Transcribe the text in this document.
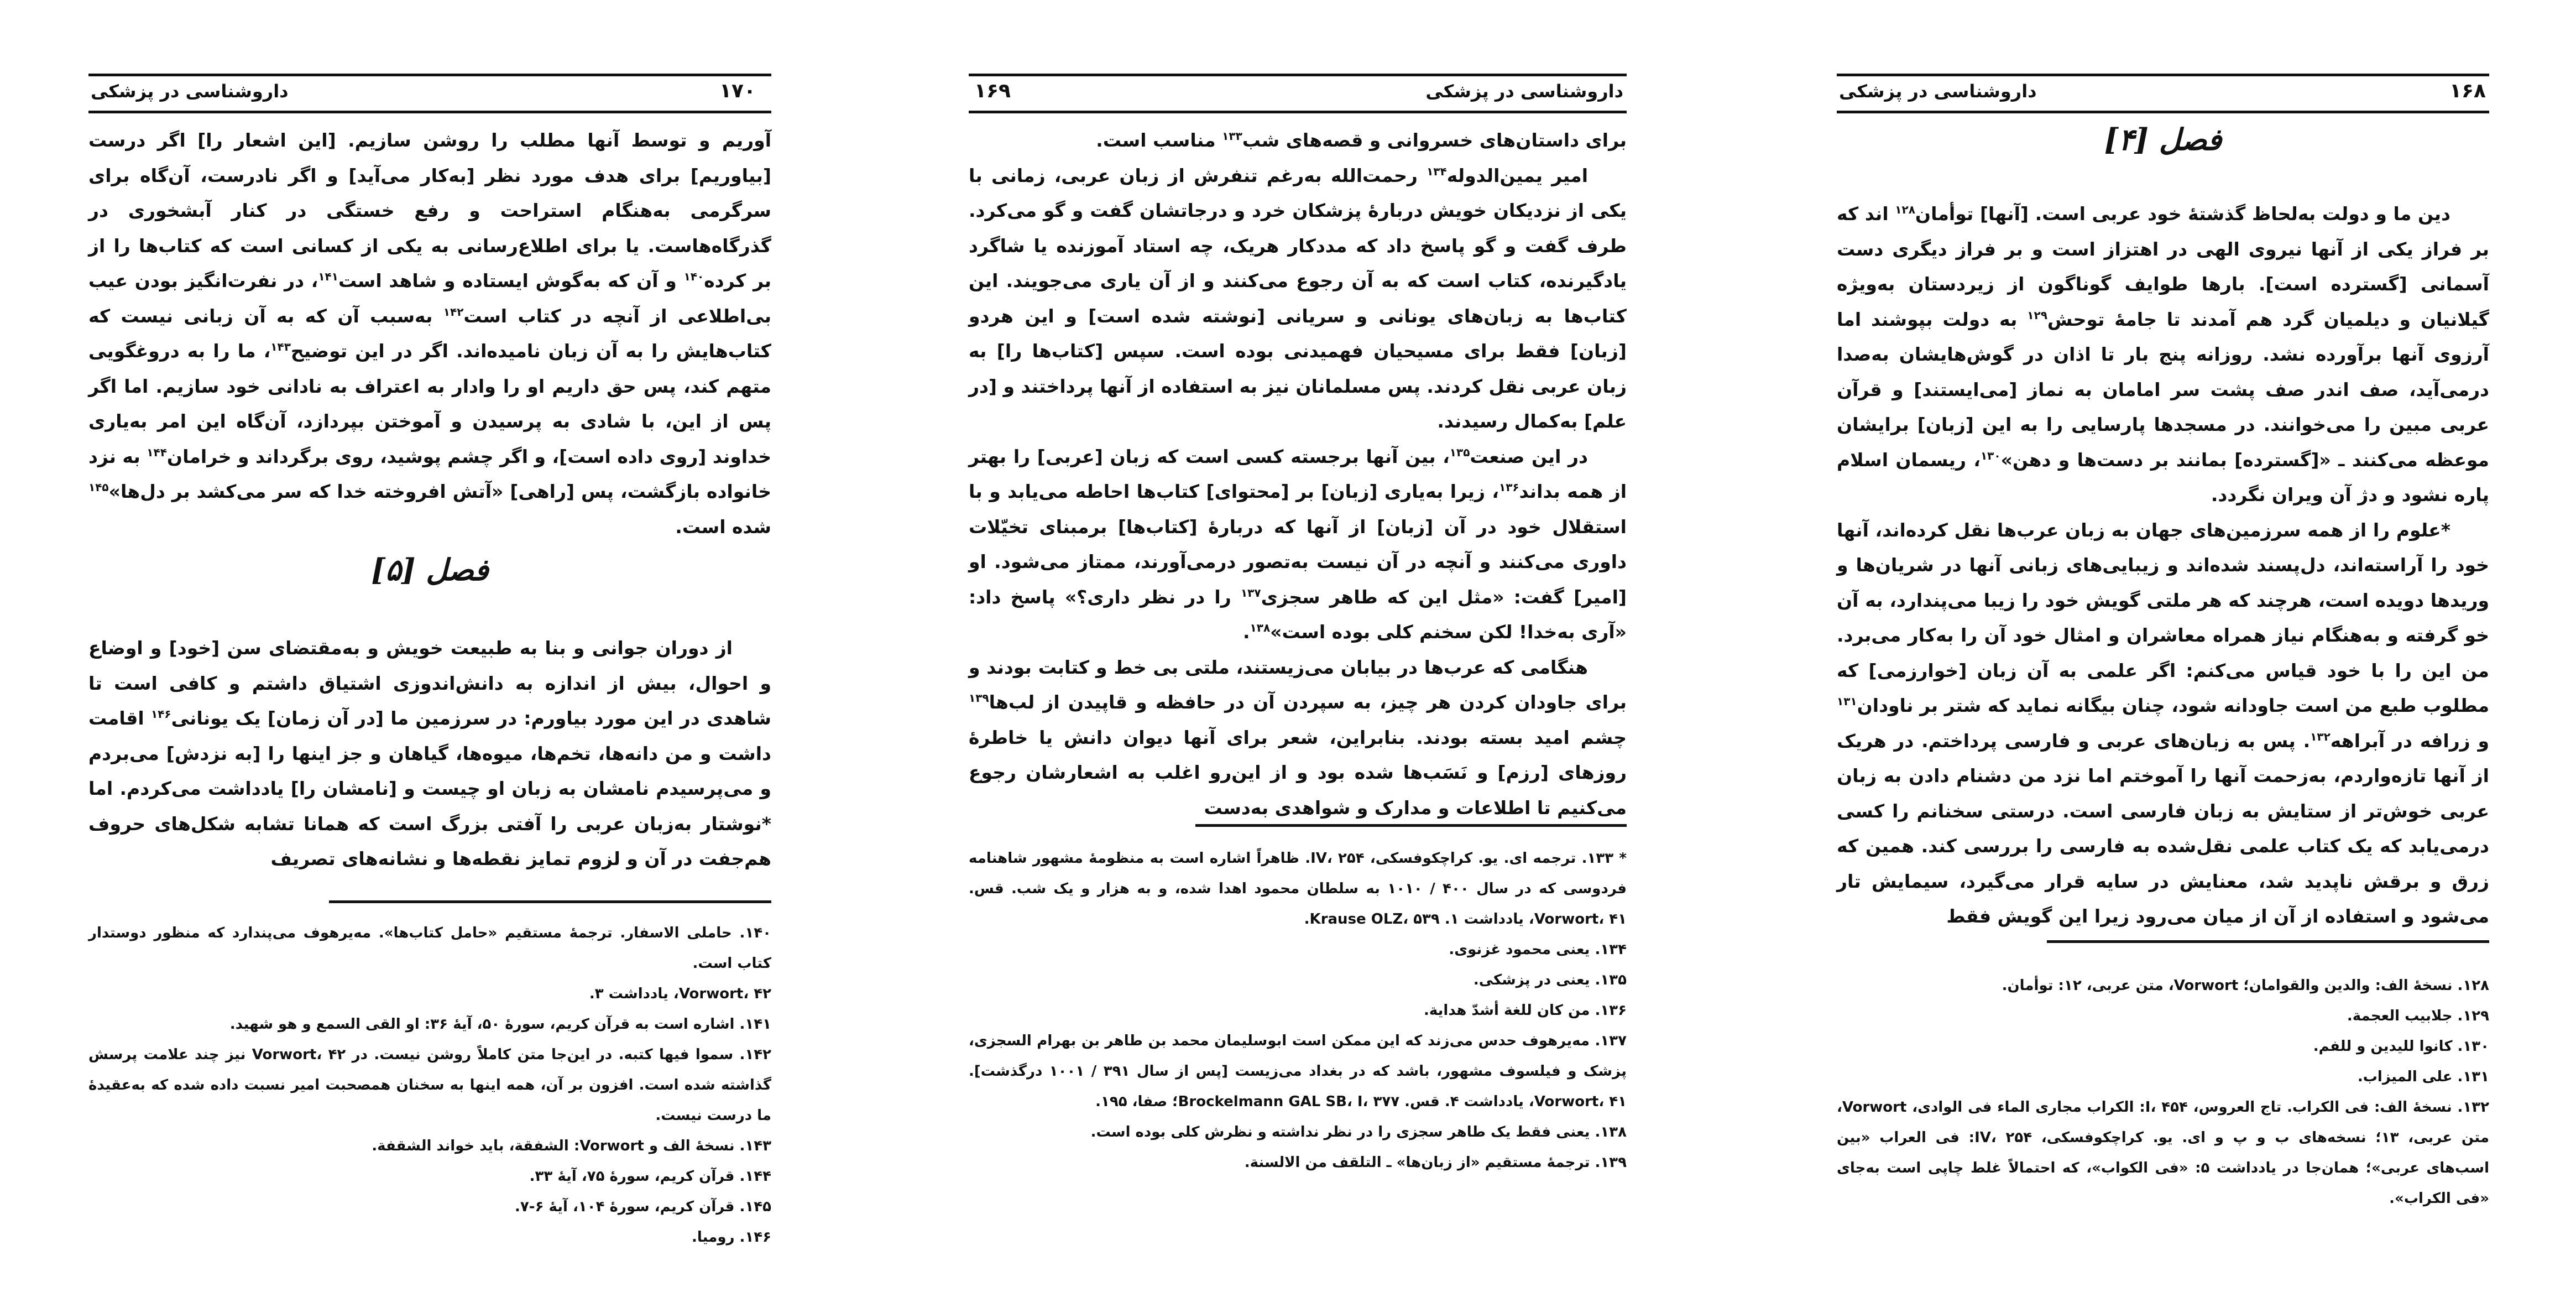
داروشناسی در پزشکی	۱۷۰

آوریم و توسط آنها مطلب را روشن سازیم. [این اشعار را] اگر درست [بیاوریم] برای هدف مورد نظر [به‌کار می‌آید] و اگر نادرست، آن‌گاه برای سرگرمی به‌هنگام استراحت و رفع خستگی در کنار آبشخوری در گذرگاه‌هاست. یا برای اطلاع‌رسانی به یکی از کسانی است که کتاب‌ها را از بر کرده$^{۱۴۰}$ و آن که به‌گوش ایستاده و شاهد است$^{۱۴۱}$، در نفرت‌انگیز بودن عیب بی‌اطلاعی از آنچه در کتاب است$^{۱۴۲}$ به‌سبب آن که به آن زبانی نیست که کتاب‌هایش را به آن زبان نامیده‌اند. اگر در این توضیح$^{۱۴۳}$، ما را به دروغگویی متهم کند، پس حق داریم او را وادار به اعتراف به نادانی خود سازیم. اما اگر پس از این، با شادی به پرسیدن و آموختن بپردازد، آن‌گاه این امر به‌یاری خداوند [روی داده است]، و اگر چشم پوشید، روی برگرداند و خرامان$^{۱۴۴}$ به نزد خانواده بازگشت، پس [راهی] «آتش افروخته خدا که سر می‌کشد بر دل‌ها»$^{۱۴۵}$ شده است.

فصل [۵]

از دوران جوانی و بنا به طبیعت خویش و به‌مقتضای سن [خود] و اوضاع و احوال، بیش از اندازه به دانش‌اندوزی اشتیاق داشتم و کافی است تا شاهدی در این مورد بیاورم: در سرزمین ما [در آن زمان] یک یونانی$^{۱۴۶}$ اقامت داشت و من دانه‌ها، تخم‌ها، میوه‌ها، گیاهان و جز اینها را [به نزدش] می‌بردم و می‌پرسیدم نامشان به زبان او چیست و [نامشان را] یادداشت می‌کردم. اما *نوشتار به‌زبان عربی را آفتی بزرگ است که همانا تشابه شکل‌های حروف هم‌جفت در آن و لزوم تمایز نقطه‌ها و نشانه‌های تصریف

۱۴۰. حاملی الاسفار. ترجمهٔ مستقیم «حامل کتاب‌ها». مه‌یرهوف می‌پندارد که منظور دوستدار کتاب است.

Vorwort، ۴۲، یادداشت ۳.

۱۴۱. اشاره است به قرآن کریم، سورهٔ ۵۰، آیهٔ ۳۶: او القی السمع و هو شهید.

۱۴۲. سموا فیها کتبه. در این‌جا متن کاملاً روشن نیست. در Vorwort، ۴۲ نیز چند علامت پرسش گذاشته شده است. افزون بر آن، همه اینها به سخنان همصحبت امیر نسبت داده شده که به‌عقیدهٔ ما درست نیست.

۱۴۳. نسخهٔ الف و Vorwort: الشفقة، باید خواند الشقفة.

۱۴۴. قرآن کریم، سورهٔ ۷۵، آیهٔ ۳۳.

۱۴۵. قرآن کریم، سورهٔ ۱۰۴، آیهٔ ۶-۷.

۱۴۶. رومیا.

داروشناسی در پزشکی
۱۶۹

برای داستان‌های خسروانی و قصه‌های شب$^{۱۳۳}$ مناسب است.

امیر یمین‌الدوله$^{۱۳۴}$ رحمت‌الله به‌رغم تنفرش از زبان عربی، زمانی با یکی از نزدیکان خویش دربارهٔ پزشکان خرد و درجاتشان گفت و گو می‌کرد. طرف گفت و گو پاسخ داد که مددکار هریک، چه استاد آموزنده یا شاگرد یادگیرنده، کتاب است که به آن رجوع می‌کنند و از آن یاری می‌جویند. این کتاب‌ها به زبان‌های یونانی و سریانی [نوشته شده است] و این هردو [زبان] فقط برای مسیحیان فهمیدنی بوده است. سپس [کتاب‌ها را] به زبان عربی نقل کردند. پس مسلمانان نیز به استفاده از آنها پرداختند و [در علم] به‌کمال رسیدند.

در این صنعت$^{۱۳۵}$، بین آنها برجسته کسی است که زبان [عربی] را بهتر از همه بداند$^{۱۳۶}$، زیرا به‌یاری [زبان] بر [محتوای] کتاب‌ها احاطه می‌یابد و با استقلال خود در آن [زبان] از آنها که دربارهٔ [کتاب‌ها] برمبنای تخیّلات داوری می‌کنند و آنچه در آن نیست به‌تصور درمی‌آورند، ممتاز می‌شود. او [امیر] گفت: «مثل این که طاهر سجزی$^{۱۳۷}$ را در نظر داری؟» پاسخ داد: «آری به‌خدا! لکن سخنم کلی بوده است»$^{۱۳۸}$.

هنگامی که عرب‌ها در بیابان می‌زیستند، ملتی بی خط و کتابت بودند و برای جاودان کردن هر چیز، به سپردن آن در حافظه و قاپیدن از لب‌ها$^{۱۳۹}$ چشم امید بسته بودند. بنابراین، شعر برای آنها دیوان دانش یا خاطرهٔ روزهای [رزم] و نَسَب‌ها شده بود و از این‌رو اغلب به اشعارشان رجوع می‌کنیم تا اطلاعات و مدارک و شواهدی به‌دست

* ۱۳۳. ترجمه ای. یو. کراچکوفسکی، IV، ۲۵۴. ظاهراً اشاره است به منظومهٔ مشهور شاهنامه فردوسی که در سال ۴۰۰ / ۱۰۱۰ به سلطان محمود اهدا شده، و به هزار و یک شب. قس. Vorwort، ۴۱، یادداشت ۱. Krause OLZ، ۵۳۹.

۱۳۴. یعنی محمود غزنوی.

۱۳۵. یعنی در پزشکی.

۱۳۶. من کان للغة أشدّ هدایة.

۱۳۷. مه‌یرهوف حدس می‌زند که این ممکن است ابوسلیمان محمد بن طاهر بن بهرام السجزی، پزشک و فیلسوف مشهور، باشد که در بغداد می‌زیست [پس از سال ۳۹۱ / ۱۰۰۱ درگذشت]. Vorwort، ۴۱، یادداشت ۴. قس. Brockelmann GAL SB، I، ۳۷۷؛ صفا، ۱۹۵.

۱۳۸. یعنی فقط یک طاهر سجزی را در نظر نداشته و نظرش کلی بوده است.

۱۳۹. ترجمهٔ مستقیم «از زبان‌ها» ـ التلقف من الالسنة.

داروشناسی در پزشکی	۱۶۸
فصل [۴]

دین ما و دولت به‌لحاظ گذشتهٔ خود عربی است. [آنها] توأمان$^{۱۲۸}$ اند که بر فراز یکی از آنها نیروی الهی در اهتزاز است و بر فراز دیگری دست آسمانی [گسترده است]. بارها طوایف گوناگون از زیردستان به‌ویژه گیلانیان و دیلمیان گرد هم آمدند تا جامهٔ توحش$^{۱۲۹}$ به دولت بپوشند اما آرزوی آنها برآورده نشد. روزانه پنج بار تا اذان در گوش‌هایشان به‌صدا درمی‌آید، صف اندر صف پشت سر امامان به نماز [می‌ایستند] و قرآن عربی مبین را می‌خوانند. در مسجدها پارسایی را به این [زبان] برایشان موعظه می‌کنند ـ «[گسترده] بمانند بر دست‌ها و دهن»$^{۱۳۰}$، ریسمان اسلام پاره نشود و دژ آن ویران نگردد.

*علوم را از همه سرزمین‌های جهان به زبان عرب‌ها نقل کرده‌اند، آنها خود را آراسته‌اند، دل‌پسند شده‌اند و زیبایی‌های زبانی آنها در شریان‌ها و وریدها دویده است، هرچند که هر ملتی گویش خود را زیبا می‌پندارد، به آن خو گرفته و به‌هنگام نیاز همراه معاشران و امثال خود آن را به‌کار می‌برد. من این را با خود قیاس می‌کنم: اگر علمی به آن زبان [خوارزمی] که مطلوب طبع من است جاودانه شود، چنان بیگانه نماید که شتر بر ناودان$^{۱۳۱}$ و زرافه در آبراهه$^{۱۳۲}$. پس به زبان‌های عربی و فارسی پرداختم. در هریک از آنها تازه‌واردم، به‌زحمت آنها را آموختم اما نزد من دشنام دادن به زبان عربی خوش‌تر از ستایش به زبان فارسی است. درستی سخنانم را کسی درمی‌یابد که یک کتاب علمی نقل‌شده به فارسی را بررسی کند. همین که زرق و برقش ناپدید شد، معنایش در سایه قرار می‌گیرد، سیمایش تار می‌شود و استفاده از آن از میان می‌رود زیرا این گویش فقط

۱۲۸. نسخهٔ الف: والدین والقوامان؛ Vorwort، متن عربی، ۱۲: توأمان.

۱۲۹. جلابیب العجمة.

۱۳۰. کانوا للیدین و للفم.

۱۳۱. علی المیزاب.

۱۳۲. نسخهٔ الف: فی الکراب. تاج العروس، I، ۴۵۴: الکراب مجاری الماء فی الوادی، Vorwort، متن عربی، ۱۳؛ نسخه‌های ب و پ و ای. یو. کراچکوفسکی، IV، ۲۵۴: فی العراب «بین اسب‌های عربی»؛ همان‌جا در یادداشت ۵: «فی الکواب»، که احتمالاً غلط چاپی است به‌جای «فی الکراب».
